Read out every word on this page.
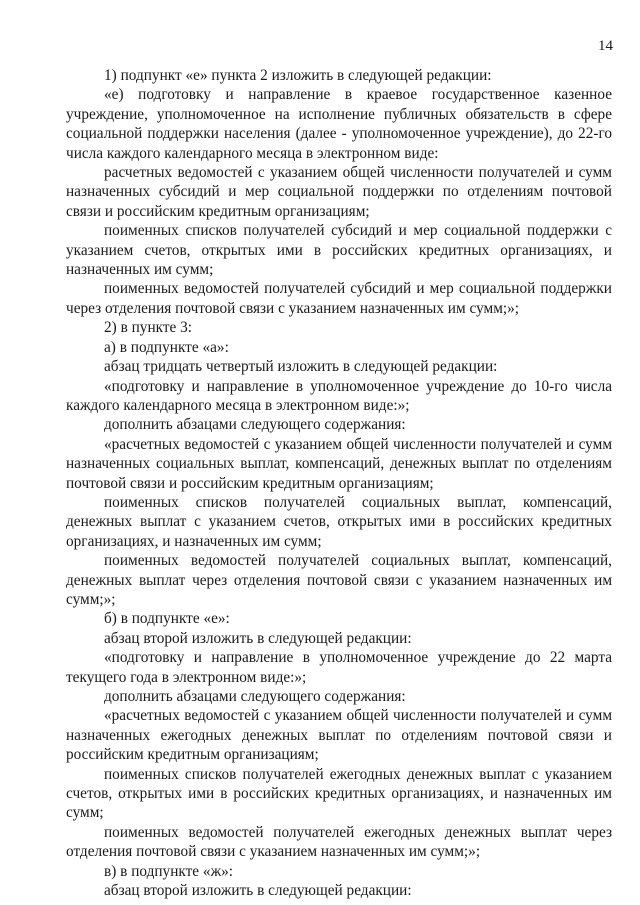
14

1) подпункт «е» пункта 2 изложить в следующей редакции:

«е) подготовку и направление в краевое государственное казенное учреждение, уполномоченное на исполнение публичных обязательств в сфере социальной поддержки населения (далее - уполномоченное учреждение), до 22-го числа каждого календарного месяца в электронном виде:

расчетных ведомостей с указанием общей численности получателей и сумм назначенных субсидий и мер социальной поддержки по отделениям почтовой связи и российским кредитным организациям;

поименных списков получателей субсидий и мер социальной поддержки с указанием счетов, открытых ими в российских кредитных организациях, и назначенных им сумм;

поименных ведомостей получателей субсидий и мер социальной поддержки через отделения почтовой связи с указанием назначенных им сумм;»;

2) в пункте 3:

а) в подпункте «а»:

абзац тридцать четвертый изложить в следующей редакции:

«подготовку и направление в уполномоченное учреждение до 10-го числа каждого календарного месяца в электронном виде:»;

дополнить абзацами следующего содержания:

«расчетных ведомостей с указанием общей численности получателей и сумм назначенных социальных выплат, компенсаций, денежных выплат по отделениям почтовой связи и российским кредитным организациям;

поименных списков получателей социальных выплат, компенсаций, денежных выплат с указанием счетов, открытых ими в российских кредитных организациях, и назначенных им сумм;

поименных ведомостей получателей социальных выплат, компенсаций, денежных выплат через отделения почтовой связи с указанием назначенных им сумм;»;

б) в подпункте «е»:

абзац второй изложить в следующей редакции:

«подготовку и направление в уполномоченное учреждение до 22 марта текущего года в электронном виде:»;

дополнить абзацами следующего содержания:

«расчетных ведомостей с указанием общей численности получателей и сумм назначенных ежегодных денежных выплат по отделениям почтовой связи и российским кредитным организациям;

поименных списков получателей ежегодных денежных выплат с указанием счетов, открытых ими в российских кредитных организациях, и назначенных им сумм;

поименных ведомостей получателей ежегодных денежных выплат через отделения почтовой связи с указанием назначенных им сумм;»;

в) в подпункте «ж»:

абзац второй изложить в следующей редакции:
